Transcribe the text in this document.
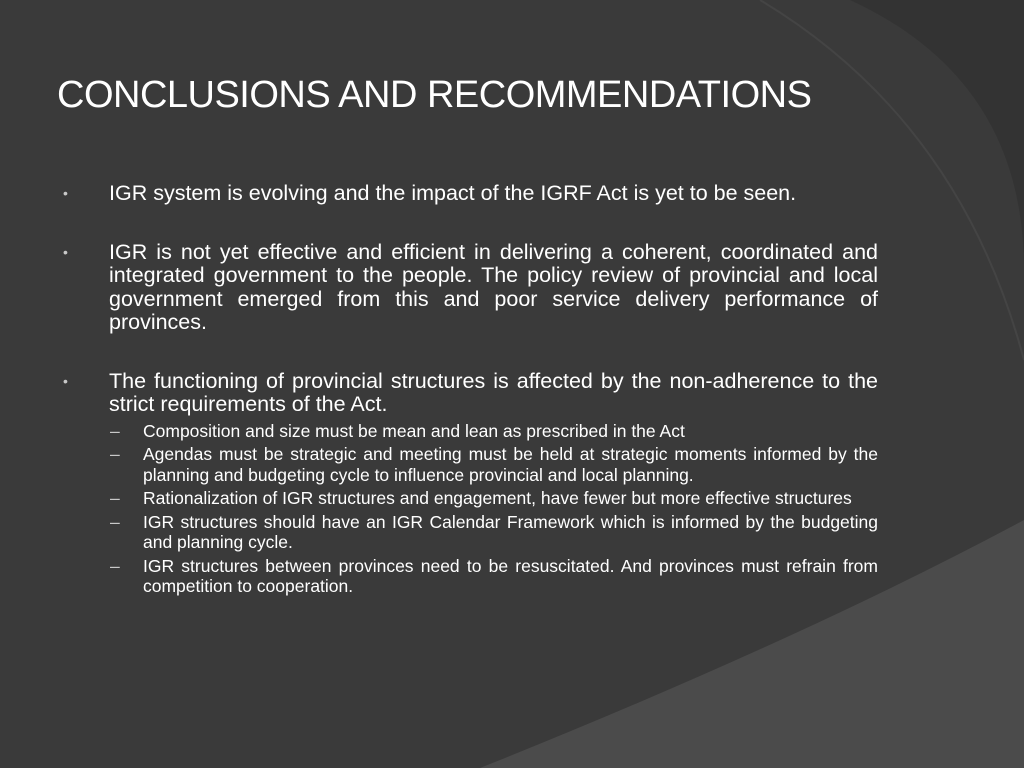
CONCLUSIONS AND RECOMMENDATIONS
• IGR system is evolving and the impact of the IGRF Act is yet to be seen.
• IGR is not yet effective and efficient in delivering a coherent, coordinated and integrated government to the people. The policy review of provincial and local government emerged from this and poor service delivery performance of provinces.
• The functioning of provincial structures is affected by the non-adherence to the strict requirements of the Act.
– Composition and size must be mean and lean as prescribed in the Act
– Agendas must be strategic and meeting must be held at strategic moments informed by the planning and budgeting cycle to influence provincial and local planning.
– Rationalization of IGR structures and engagement, have fewer but more effective structures
– IGR structures should have an IGR Calendar Framework which is informed by the budgeting and planning cycle.
– IGR structures between provinces need to be resuscitated. And provinces must refrain from competition to cooperation.
